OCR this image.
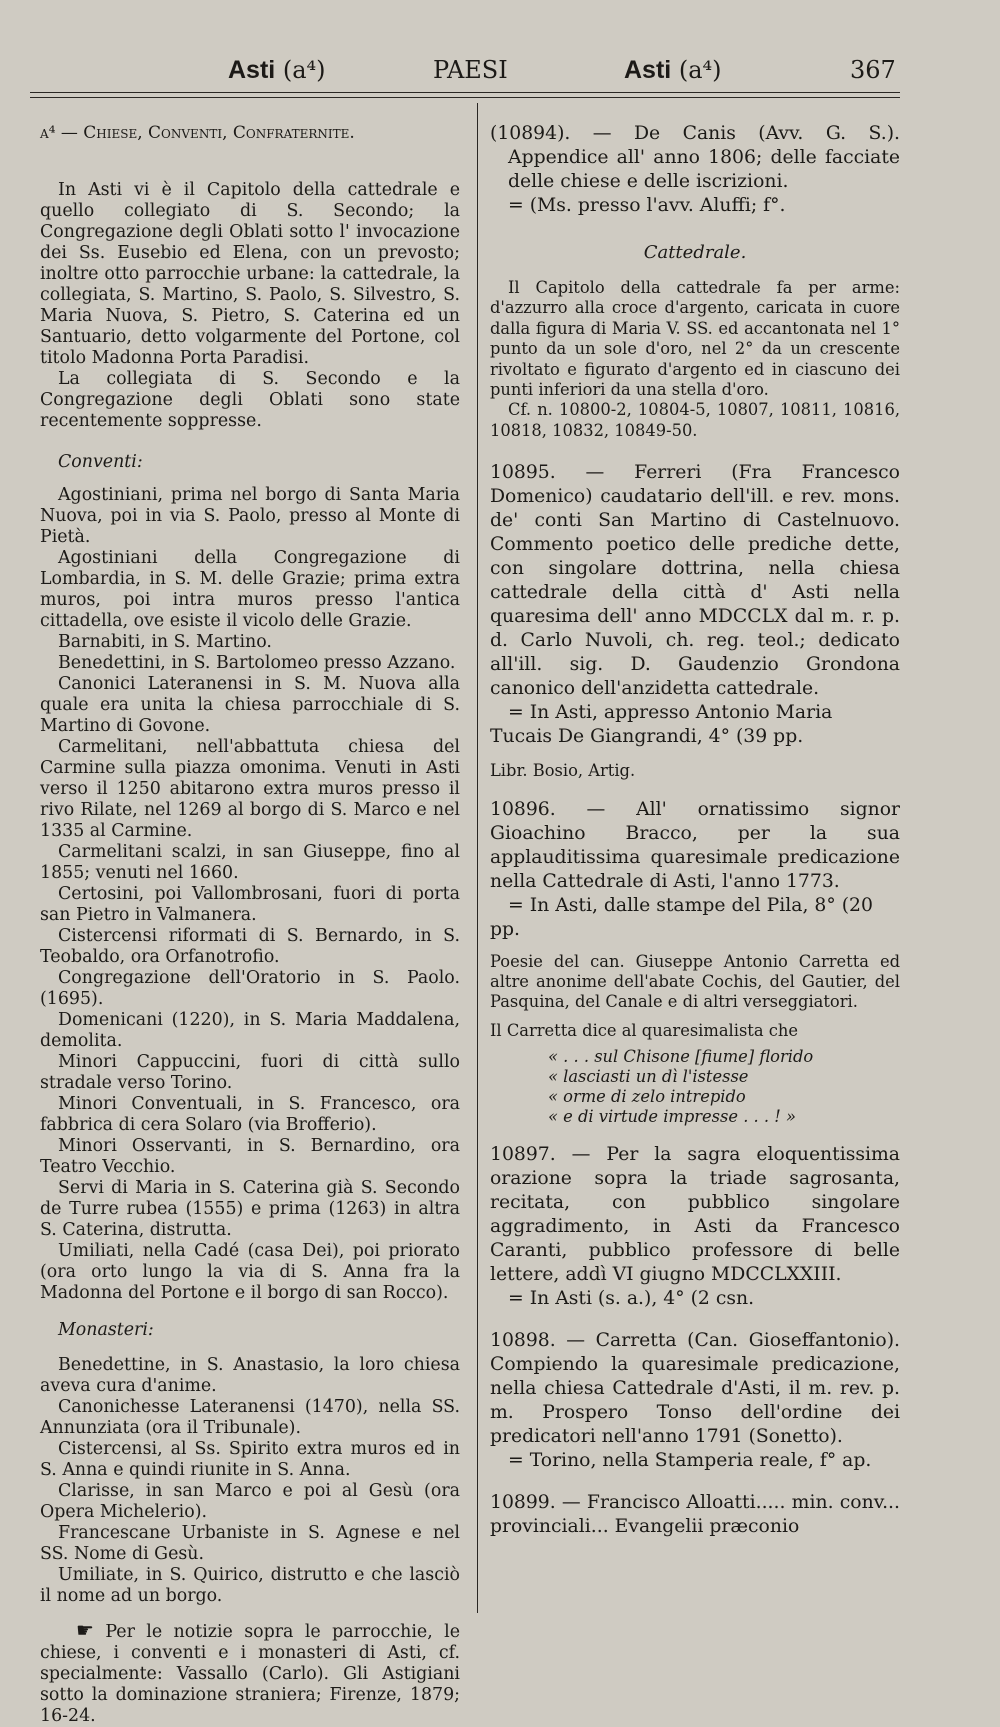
Asti (a⁴)	PAESI	Asti (a⁴)	367

a⁴ — Chiese, Conventi, Confraternite.

In Asti vi è il Capitolo della cattedrale e quello collegiato di S. Secondo; la Congregazione degli Oblati sotto l' invocazione dei Ss. Eusebio ed Elena, con un prevosto; inoltre otto parrocchie urbane: la cattedrale, la collegiata, S. Martino, S. Paolo, S. Silvestro, S. Maria Nuova, S. Pietro, S. Caterina ed un Santuario, detto volgarmente del Portone, col titolo Madonna Porta Paradisi.

La collegiata di S. Secondo e la Congregazione degli Oblati sono state recentemente soppresse.

Conventi:

Agostiniani, prima nel borgo di Santa Maria Nuova, poi in via S. Paolo, presso al Monte di Pietà.

Agostiniani della Congregazione di Lombardia, in S. M. delle Grazie; prima extra muros, poi intra muros presso l'antica cittadella, ove esiste il vicolo delle Grazie.

Barnabiti, in S. Martino.

Benedettini, in S. Bartolomeo presso Azzano.

Canonici Lateranensi in S. M. Nuova alla quale era unita la chiesa parrocchiale di S. Martino di Govone.

Carmelitani, nell'abbattuta chiesa del Carmine sulla piazza omonima. Venuti in Asti verso il 1250 abitarono extra muros presso il rivo Rilate, nel 1269 al borgo di S. Marco e nel 1335 al Carmine.

Carmelitani scalzi, in san Giuseppe, fino al 1855; venuti nel 1660.

Certosini, poi Vallombrosani, fuori di porta san Pietro in Valmanera.

Cistercensi riformati di S. Bernardo, in S. Teobaldo, ora Orfanotrofio.

Congregazione dell'Oratorio in S. Paolo. (1695).

Domenicani (1220), in S. Maria Maddalena, demolita.

Minori Cappuccini, fuori di città sullo stradale verso Torino.

Minori Conventuali, in S. Francesco, ora fabbrica di cera Solaro (via Brofferio).

Minori Osservanti, in S. Bernardino, ora Teatro Vecchio.

Servi di Maria in S. Caterina già S. Secondo de Turre rubea (1555) e prima (1263) in altra S. Caterina, distrutta.

Umiliati, nella Cadé (casa Dei), poi priorato (ora orto lungo la via di S. Anna fra la Madonna del Portone e il borgo di san Rocco).

Monasteri:

Benedettine, in S. Anastasio, la loro chiesa aveva cura d'anime.

Canonichesse Lateranensi (1470), nella SS. Annunziata (ora il Tribunale).

Cistercensi, al Ss. Spirito extra muros ed in S. Anna e quindi riunite in S. Anna.

Clarisse, in san Marco e poi al Gesù (ora Opera Michelerio).

Francescane Urbaniste in S. Agnese e nel SS. Nome di Gesù.

Umiliate, in S. Quirico, distrutto e che lasciò il nome ad un borgo.

☛ Per le notizie sopra le parrocchie, le chiese, i conventi e i monasteri di Asti, cf. specialmente: Vassallo (Carlo). Gli Astigiani sotto la dominazione straniera; Firenze, 1879; 16-24.

(10894). — De Canis (Avv. G. S.). Appendice all' anno 1806; delle facciate delle chiese e delle iscrizioni.

= (Ms. presso l'avv. Aluffi; f°.

Cattedrale.

Il Capitolo della cattedrale fa per arme: d'azzurro alla croce d'argento, caricata in cuore dalla figura di Maria V. SS. ed accantonata nel 1° punto da un sole d'oro, nel 2° da un crescente rivoltato e figurato d'argento ed in ciascuno dei punti inferiori da una stella d'oro.

Cf. n. 10800-2, 10804-5, 10807, 10811, 10816, 10818, 10832, 10849-50.

10895. — Ferreri (Fra Francesco Domenico) caudatario dell'ill. e rev. mons. de' conti San Martino di Castelnuovo. Commento poetico delle prediche dette, con singolare dottrina, nella chiesa cattedrale della città d' Asti nella quaresima dell' anno MDCCLX dal m. r. p. d. Carlo Nuvoli, ch. reg. teol.; dedicato all'ill. sig. D. Gaudenzio Grondona canonico dell'anzidetta cattedrale.

= In Asti, appresso Antonio Maria Tucais De Giangrandi, 4° (39 pp.

Libr. Bosio, Artig.

10896. — All' ornatissimo signor Gioachino Bracco, per la sua applauditissima quaresimale predicazione nella Cattedrale di Asti, l'anno 1773.

= In Asti, dalle stampe del Pila, 8° (20 pp.

Poesie del can. Giuseppe Antonio Carretta ed altre anonime dell'abate Cochis, del Gautier, del Pasquina, del Canale e di altri verseggiatori.

Il Carretta dice al quaresimalista che

« . . . sul Chisone [fiume] florido

« lasciasti un dì l'istesse

« orme di zelo intrepido

« e di virtude impresse . . . ! »

10897. — Per la sagra eloquentissima orazione sopra la triade sagrosanta, recitata, con pubblico singolare aggradimento, in Asti da Francesco Caranti, pubblico professore di belle lettere, addì VI giugno MDCCLXXIII.

= In Asti (s. a.), 4° (2 csn.

10898. — Carretta (Can. Gioseffantonio). Compiendo la quaresimale predicazione, nella chiesa Cattedrale d'Asti, il m. rev. p. m. Prospero Tonso dell'ordine dei predicatori nell'anno 1791 (Sonetto).

= Torino, nella Stamperia reale, f° ap.

10899. — Francisco Alloatti..... min. conv... provinciali... Evangelii præconio
